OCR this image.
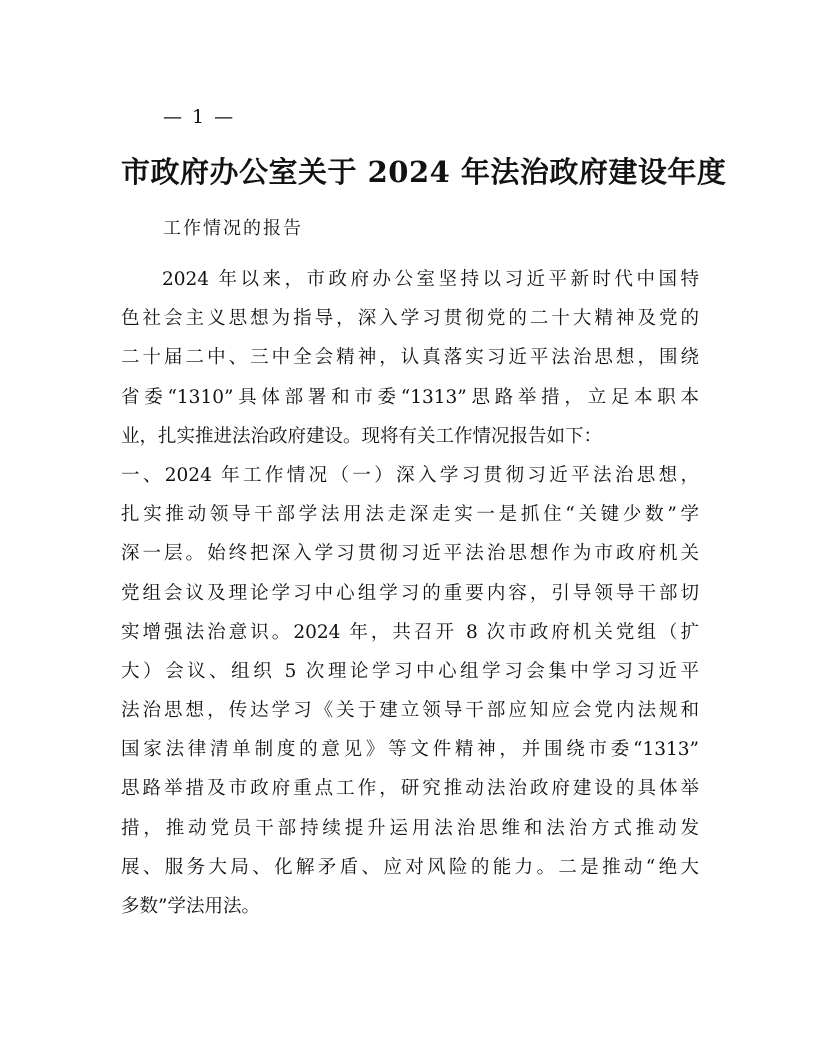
— 1 —
市政府办公室关于 2024 年法治政府建设年度
工作情况的报告
2024 年以来，市政府办公室坚持以习近平新时代中国特
色社会主义思想为指导，深入学习贯彻党的二十大精神及党的
二十届二中、三中全会精神，认真落实习近平法治思想，围绕
省委“1310”具体部署和市委“1313”思路举措，立足本职本
业，扎实推进法治政府建设。现将有关工作情况报告如下：
一、2024 年工作情况（一）深入学习贯彻习近平法治思想，
扎实推动领导干部学法用法走深走实一是抓住“关键少数”学
深一层。始终把深入学习贯彻习近平法治思想作为市政府机关
党组会议及理论学习中心组学习的重要内容，引导领导干部切
实增强法治意识。2024 年，共召开 8 次市政府机关党组（扩
大）会议、组织 5 次理论学习中心组学习会集中学习习近平
法治思想，传达学习《关于建立领导干部应知应会党内法规和
国家法律清单制度的意见》等文件精神，并围绕市委“1313”
思路举措及市政府重点工作，研究推动法治政府建设的具体举
措，推动党员干部持续提升运用法治思维和法治方式推动发
展、服务大局、化解矛盾、应对风险的能力。二是推动“绝大
多数”学法用法。
